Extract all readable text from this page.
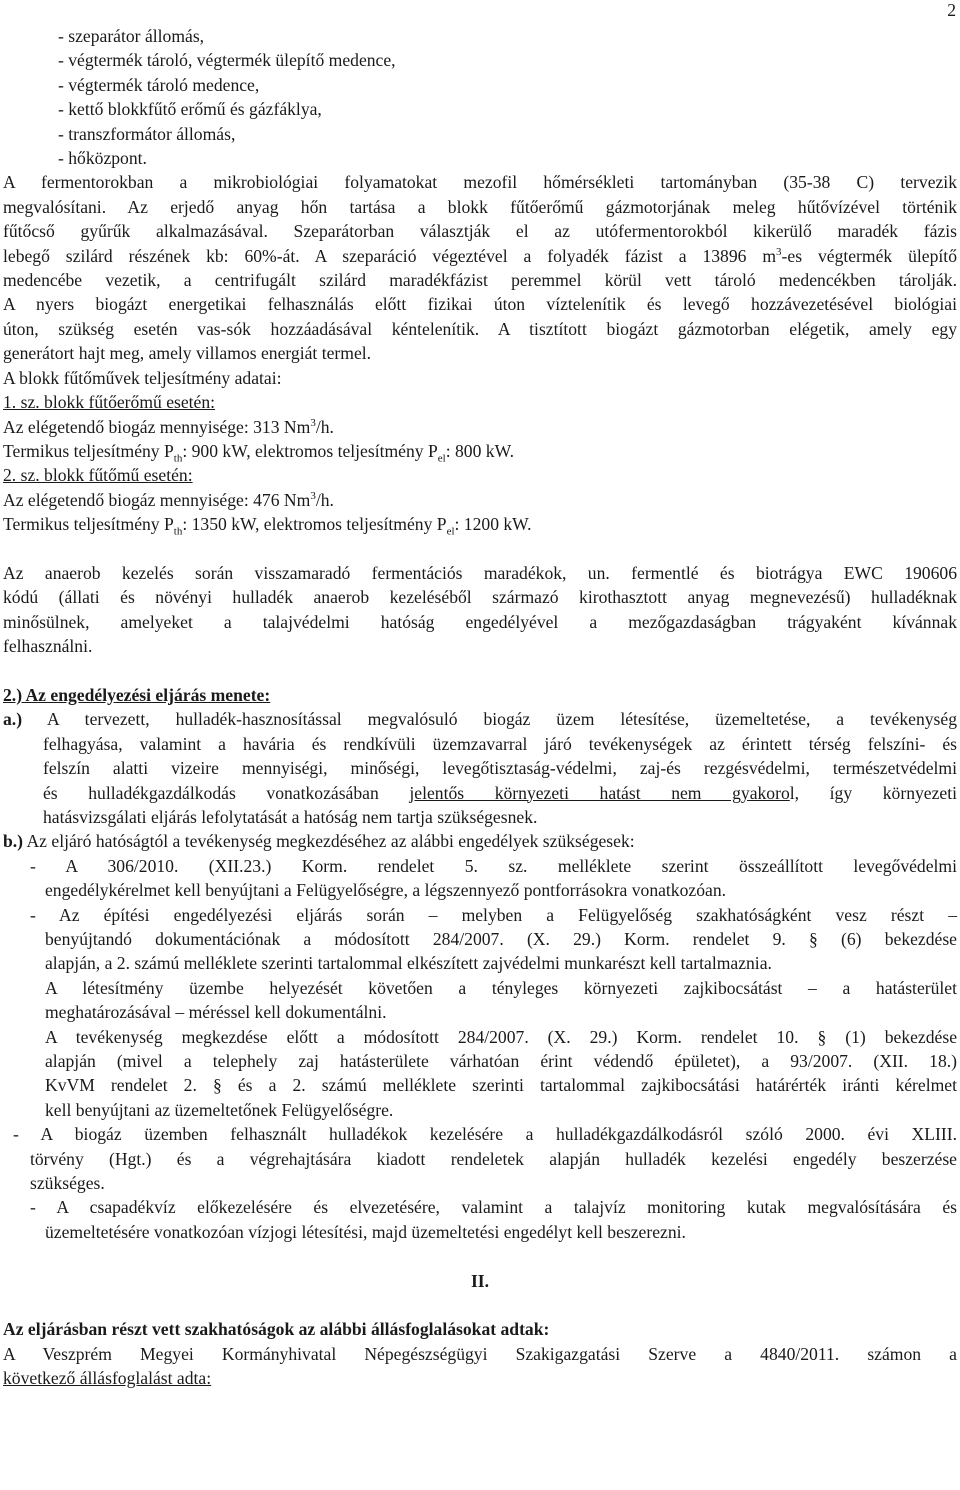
2
- szeparátor állomás,
- végtermék tároló, végtermék ülepítő medence,
- végtermék tároló medence,
- kettő blokkfűtő erőmű és gázfáklya,
- transzformátor állomás,
- hőközpont.
A fermentorokban a mikrobiológiai folyamatokat mezofil hőmérsékleti tartományban (35-38 C) tervezik
megvalósítani. Az erjedő anyag hőn tartása a blokk fűtőerőmű gázmotorjának meleg hűtővízével történik
fűtőcső gyűrűk alkalmazásával. Szeparátorban választják el az utófermentorokból kikerülő maradék fázis
lebegő szilárd részének kb: 60%-át. A szeparáció végeztével a folyadék fázist a 13896 $m^3-es$ végtermék ülepítő
medencébe vezetik, a centrifugált szilárd maradékfázist peremmel körül vett tároló medencékben tárolják.
A nyers biogázt energetikai felhasználás előtt fizikai úton víztelenítik és levegő hozzávezetésével biológiai
úton, szükség esetén vas-sók hozzáadásával kéntelenítik. A tisztított biogázt gázmotorban elégetik, amely egy
generátort hajt meg, amely villamos energiát termel.
A blokk fűtőművek teljesítmény adatai:
1. sz. blokk fűtőerőmű esetén:
Az elégetendő biogáz mennyisége: 313 Nm$^3$/h.
Termikus teljesítmény $P_{th}$: 900 kW, elektromos teljesítmény $P_{el}$: 800 kW.
2. sz. blokk fűtőmű esetén:
Az elégetendő biogáz mennyisége: 476 Nm$^3$/h.
Termikus teljesítmény $P_{th}$: 1350 kW, elektromos teljesítmény $P_{el}$: 1200 kW.
Az anaerob kezelés során visszamaradó fermentációs maradékok, un. fermentlé és biotrágya EWC 190606
kódú (állati és növényi hulladék anaerob kezeléséből származó kirothasztott anyag megnevezésű) hulladéknak
minősülnek, amelyeket a talajvédelmi hatóság engedélyével a mezőgazdaságban trágyaként kívánnak
felhasználni.
2.) Az engedélyezési eljárás menete:
a.) A tervezett, hulladék-hasznosítással megvalósuló biogáz üzem létesítése, üzemeltetése, a tevékenység
felhagyása, valamint a havária és rendkívüli üzemzavarral járó tevékenységek az érintett térség felszíni- és
felszín alatti vizeire mennyiségi, minőségi, levegőtisztaság-védelmi, zaj-és rezgésvédelmi, természetvédelmi
és hulladékgazdálkodás vonatkozásában jelentős környezeti hatást nem gyakorol, így környezeti
hatásvizsgálati eljárás lefolytatását a hatóság nem tartja szükségesnek.
b.) Az eljáró hatóságtól a tevékenység megkezdéséhez az alábbi engedélyek szükségesek:
- A 306/2010. (XII.23.) Korm. rendelet 5. sz. melléklete szerint összeállított levegővédelmi
engedélykérelmet kell benyújtani a Felügyelőségre, a légszennyező pontforrásokra vonatkozóan.
- Az építési engedélyezési eljárás során – melyben a Felügyelőség szakhatóságként vesz részt –
benyújtandó dokumentációnak a módosított 284/2007. (X. 29.) Korm. rendelet 9. § (6) bekezdése
alapján, a 2. számú melléklete szerinti tartalommal elkészített zajvédelmi munkarészt kell tartalmaznia.
A létesítmény üzembe helyezését követően a tényleges környezeti zajkibocsátást – a hatásterület
meghatározásával – méréssel kell dokumentálni.
A tevékenység megkezdése előtt a módosított 284/2007. (X. 29.) Korm. rendelet 10. § (1) bekezdése
alapján (mivel a telephely zaj hatásterülete várhatóan érint védendő épületet), a 93/2007. (XII. 18.)
KvVM rendelet 2. § és a 2. számú melléklete szerinti tartalommal zajkibocsátási határérték iránti kérelmet
kell benyújtani az üzemeltetőnek Felügyelőségre.
- A biogáz üzemben felhasznált hulladékok kezelésére a hulladékgazdálkodásról szóló 2000. évi XLIII.
törvény (Hgt.) és a végrehajtására kiadott rendeletek alapján hulladék kezelési engedély beszerzése
szükséges.
- A csapadékvíz előkezelésére és elvezetésére, valamint a talajvíz monitoring kutak megvalósítására és
üzemeltetésére vonatkozóan vízjogi létesítési, majd üzemeltetési engedélyt kell beszerezni.
II.
Az eljárásban részt vett szakhatóságok az alábbi állásfoglalásokat adtak:
A Veszprém Megyei Kormányhivatal Népegészségügyi Szakigazgatási Szerve a 4840/2011. számon a
következő állásfoglalást adta:
